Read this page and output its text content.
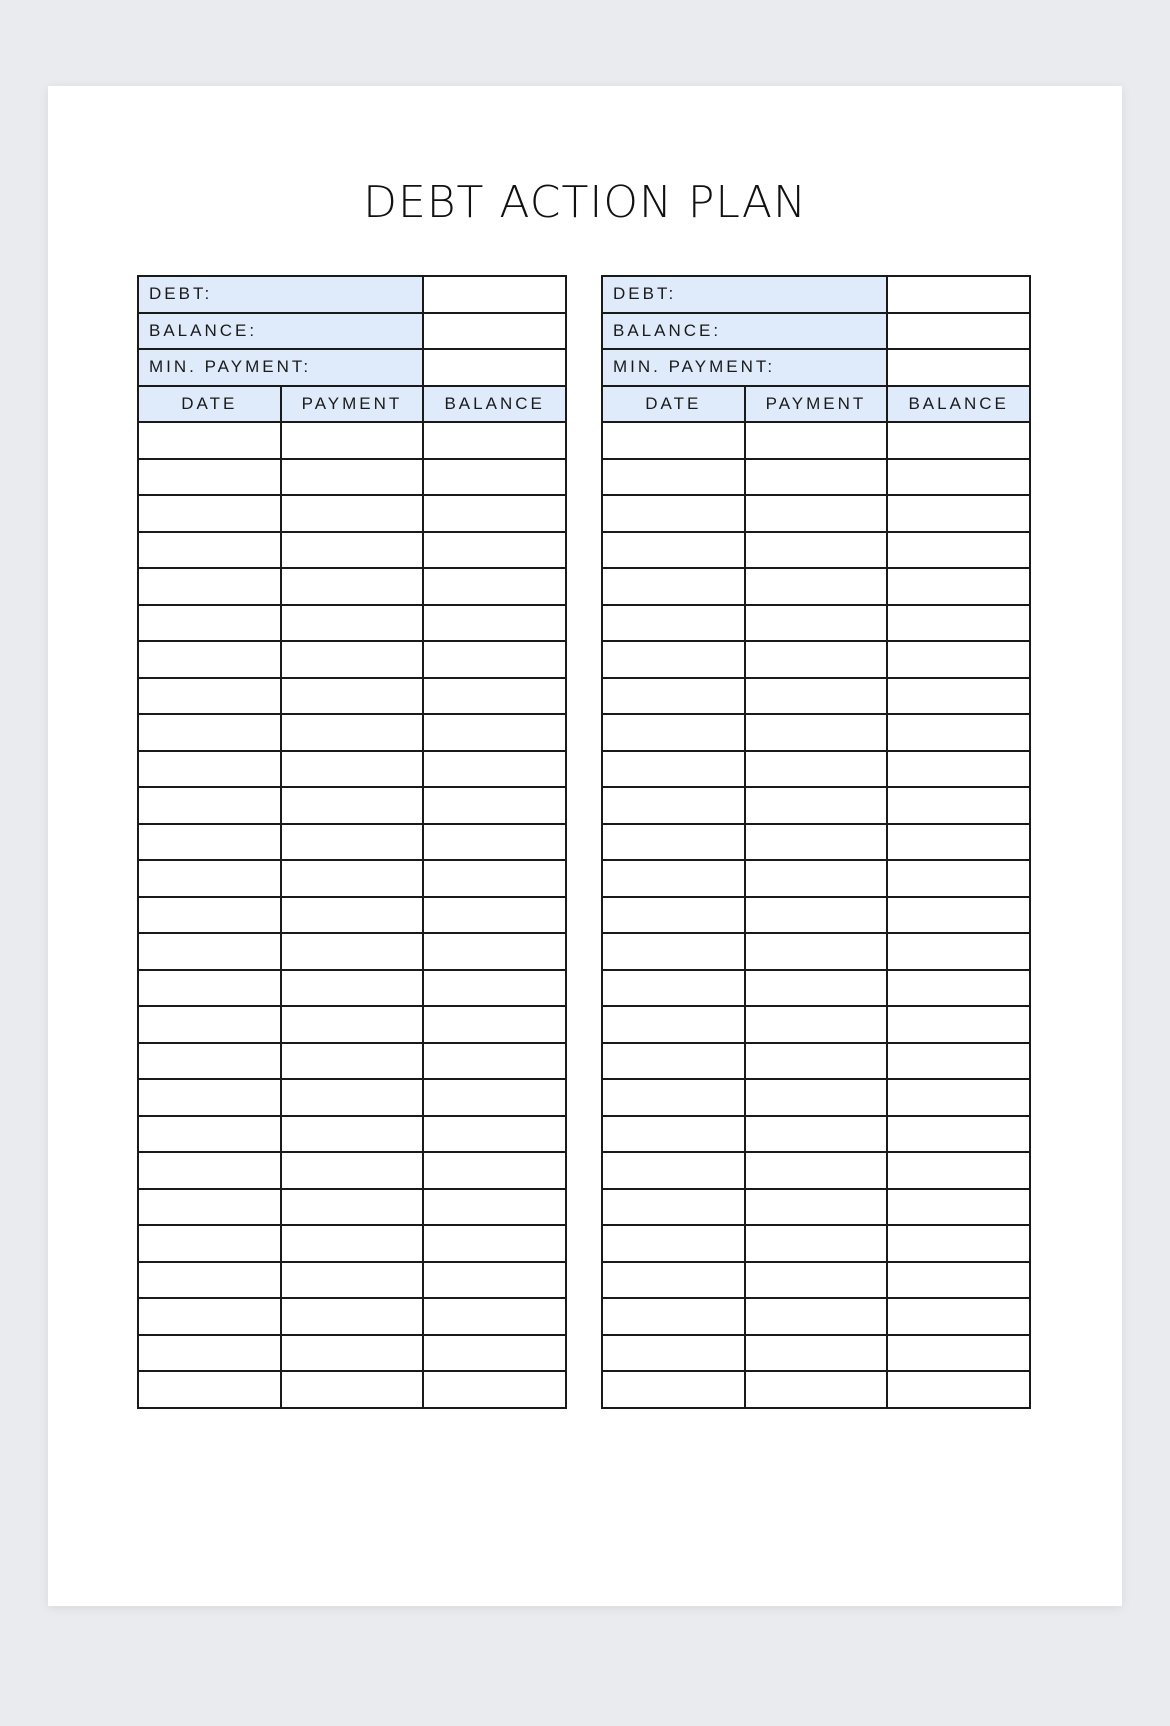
DEBT ACTION PLAN
DEBT:		
BALANCE:		
MIN. PAYMENT:		
DATE	PAYMENT	BALANCE

DEBT:		
BALANCE:		
MIN. PAYMENT:		
DATE	PAYMENT	BALANCE
